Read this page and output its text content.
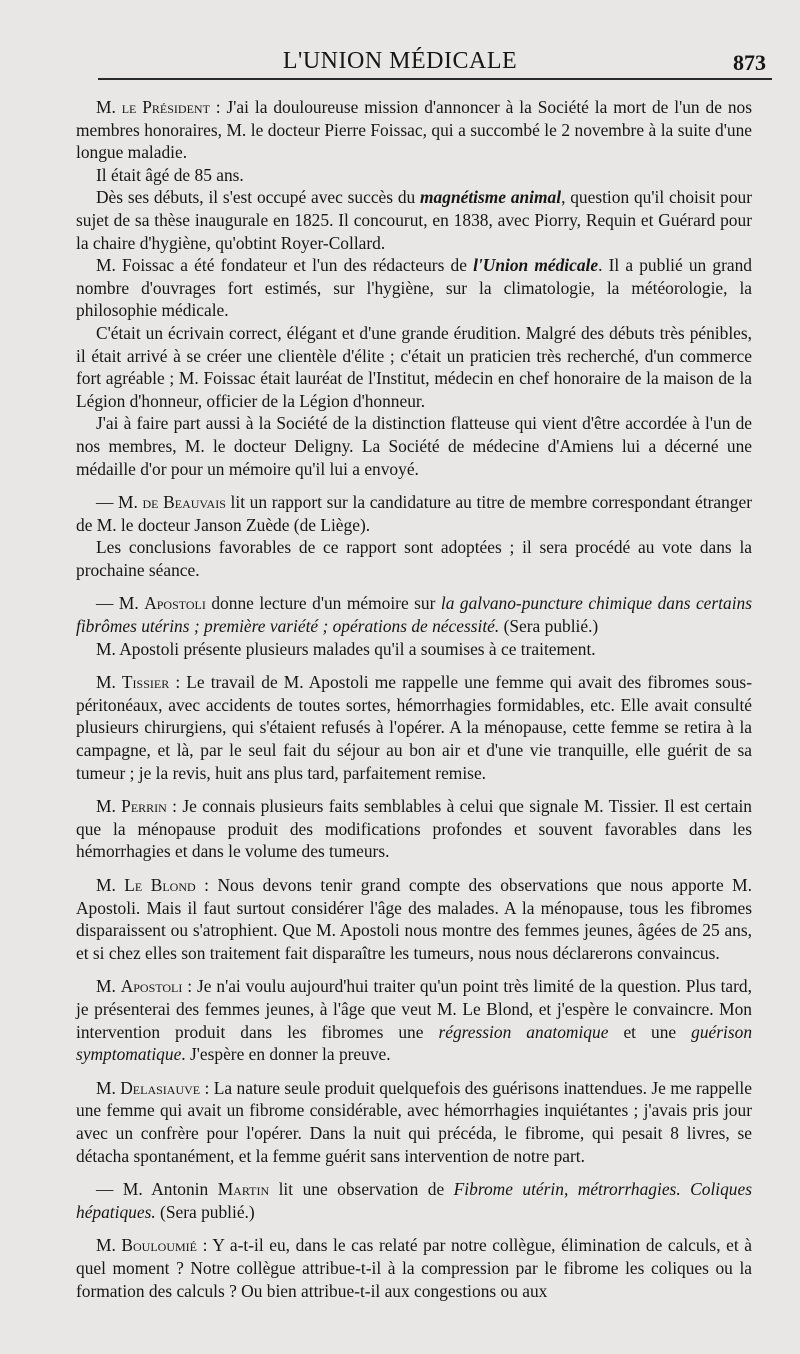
L'UNION MÉDICALE	873

M. le Président : J'ai la douloureuse mission d'annoncer à la Société la mort de l'un de nos membres honoraires, M. le docteur Pierre Foissac, qui a succombé le 2 novembre à la suite d'une longue maladie.

Il était âgé de 85 ans.

Dès ses débuts, il s'est occupé avec succès du magnétisme animal, question qu'il choisit pour sujet de sa thèse inaugurale en 1825. Il concourut, en 1838, avec Piorry, Requin et Guérard pour la chaire d'hygiène, qu'obtint Royer-Collard.

M. Foissac a été fondateur et l'un des rédacteurs de l'Union médicale. Il a publié un grand nombre d'ouvrages fort estimés, sur l'hygiène, sur la climatologie, la météorologie, la philosophie médicale.

C'était un écrivain correct, élégant et d'une grande érudition. Malgré des débuts très pénibles, il était arrivé à se créer une clientèle d'élite ; c'était un praticien très recherché, d'un commerce fort agréable ; M. Foissac était lauréat de l'Institut, médecin en chef honoraire de la maison de la Légion d'honneur, officier de la Légion d'honneur.

J'ai à faire part aussi à la Société de la distinction flatteuse qui vient d'être accordée à l'un de nos membres, M. le docteur Deligny. La Société de médecine d'Amiens lui a décerné une médaille d'or pour un mémoire qu'il lui a envoyé.

— M. de Beauvais lit un rapport sur la candidature au titre de membre correspondant étranger de M. le docteur Janson Zuède (de Liège).

Les conclusions favorables de ce rapport sont adoptées ; il sera procédé au vote dans la prochaine séance.

— M. Apostoli donne lecture d'un mémoire sur la galvano-puncture chimique dans certains fibrômes utérins ; première variété ; opérations de nécessité. (Sera publié.)

M. Apostoli présente plusieurs malades qu'il a soumises à ce traitement.

M. Tissier : Le travail de M. Apostoli me rappelle une femme qui avait des fibromes sous-péritonéaux, avec accidents de toutes sortes, hémorrhagies formidables, etc. Elle avait consulté plusieurs chirurgiens, qui s'étaient refusés à l'opérer. A la ménopause, cette femme se retira à la campagne, et là, par le seul fait du séjour au bon air et d'une vie tranquille, elle guérit de sa tumeur ; je la revis, huit ans plus tard, parfaitement remise.

M. Perrin : Je connais plusieurs faits semblables à celui que signale M. Tissier. Il est certain que la ménopause produit des modifications profondes et souvent favorables dans les hémorrhagies et dans le volume des tumeurs.

M. Le Blond : Nous devons tenir grand compte des observations que nous apporte M. Apostoli. Mais il faut surtout considérer l'âge des malades. A la ménopause, tous les fibromes disparaissent ou s'atrophient. Que M. Apostoli nous montre des femmes jeunes, âgées de 25 ans, et si chez elles son traitement fait disparaître les tumeurs, nous nous déclarerons convaincus.

M. Apostoli : Je n'ai voulu aujourd'hui traiter qu'un point très limité de la question. Plus tard, je présenterai des femmes jeunes, à l'âge que veut M. Le Blond, et j'espère le convaincre. Mon intervention produit dans les fibromes une régression anatomique et une guérison symptomatique. J'espère en donner la preuve.

M. Delasiauve : La nature seule produit quelquefois des guérisons inattendues. Je me rappelle une femme qui avait un fibrome considérable, avec hémorrhagies inquiétantes ; j'avais pris jour avec un confrère pour l'opérer. Dans la nuit qui précéda, le fibrome, qui pesait 8 livres, se détacha spontanément, et la femme guérit sans intervention de notre part.

— M. Antonin Martin lit une observation de Fibrome utérin, métrorrhagies. Coliques hépatiques. (Sera publié.)

M. Bouloumié : Y a-t-il eu, dans le cas relaté par notre collègue, élimination de calculs, et à quel moment ? Notre collègue attribue-t-il à la compression par le fibrome les coliques ou la formation des calculs ? Ou bien attribue-t-il aux congestions ou aux
